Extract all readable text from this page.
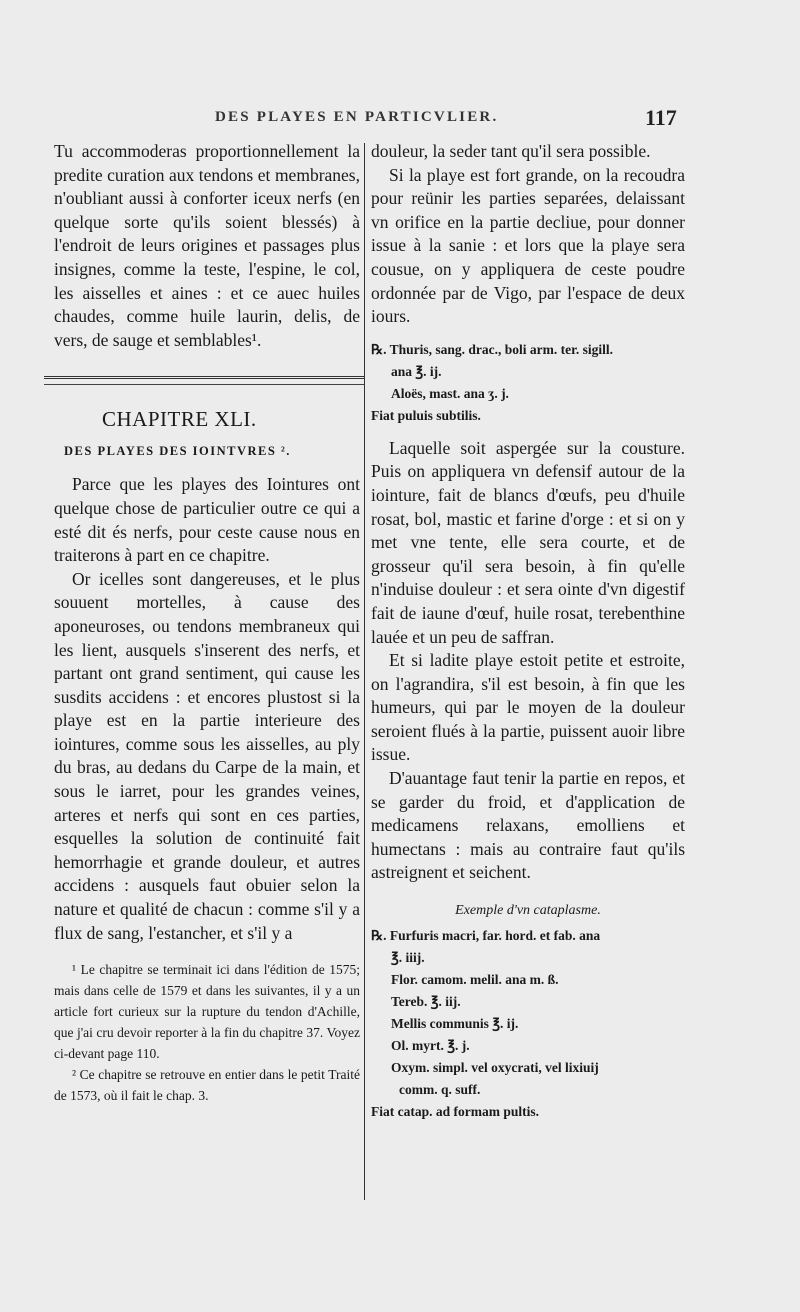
DES PLAYES EN PARTICVLIER.	117

Tu accommoderas proportionnellement la predite curation aux tendons et membranes, n'oubliant aussi à conforter iceux nerfs (en quelque sorte qu'ils soient blessés) à l'endroit de leurs origines et passages plus insignes, comme la teste, l'espine, le col, les aisselles et aines : et ce auec huiles chaudes, comme huile laurin, delis, de vers, de sauge et semblables¹.

CHAPITRE XLI.
DES PLAYES DES IOINTVRES ².

Parce que les playes des Iointures ont quelque chose de particulier outre ce qui a esté dit és nerfs, pour ceste cause nous en traiterons à part en ce chapitre.

Or icelles sont dangereuses, et le plus souuent mortelles, à cause des aponeuroses, ou tendons membraneux qui les lient, ausquels s'inserent des nerfs, et partant ont grand sentiment, qui cause les susdits accidens : et encores plustost si la playe est en la partie interieure des iointures, comme sous les aisselles, au ply du bras, au dedans du Carpe de la main, et sous le iarret, pour les grandes veines, arteres et nerfs qui sont en ces parties, esquelles la solution de continuité fait hemorrhagie et grande douleur, et autres accidens : ausquels faut obuier selon la nature et qualité de chacun : comme s'il y a flux de sang, l'estancher, et s'il y a

¹ Le chapitre se terminait ici dans l'édition de 1575; mais dans celle de 1579 et dans les suivantes, il y a un article fort curieux sur la rupture du tendon d'Achille, que j'ai cru devoir reporter à la fin du chapitre 37. Voyez ci-devant page 110.

² Ce chapitre se retrouve en entier dans le petit Traité de 1573, où il fait le chap. 3.

douleur, la seder tant qu'il sera possible.

Si la playe est fort grande, on la recoudra pour reünir les parties separées, delaissant vn orifice en la partie decliue, pour donner issue à la sanie : et lors que la playe sera cousue, on y appliquera de ceste poudre ordonnée par de Vigo, par l'espace de deux iours.

℞. Thuris, sang. drac., boli arm. ter. sigill.
ana ℥. ij.
Aloës, mast. ana ʒ. j.
Fiat puluis subtilis.

Laquelle soit aspergée sur la cousture. Puis on appliquera vn defensif autour de la iointure, fait de blancs d'œufs, peu d'huile rosat, bol, mastic et farine d'orge : et si on y met vne tente, elle sera courte, et de grosseur qu'il sera besoin, à fin qu'elle n'induise douleur : et sera ointe d'vn digestif fait de iaune d'œuf, huile rosat, terebenthine lauée et un peu de saffran.

Et si ladite playe estoit petite et estroite, on l'agrandira, s'il est besoin, à fin que les humeurs, qui par le moyen de la douleur seroient flués à la partie, puissent auoir libre issue.

D'auantage faut tenir la partie en repos, et se garder du froid, et d'application de medicamens relaxans, emolliens et humectans : mais au contraire faut qu'ils astreignent et seichent.

Exemple d'vn cataplasme.
℞. Furfuris macri, far. hord. et fab. ana
℥. iiij.
Flor. camom. melil. ana m. ß.
Tereb. ℥. iij.
Mellis communis ℥. ij.
Ol. myrt. ℥. j.
Oxym. simpl. vel oxycrati, vel lixiuij
comm. q. suff.
Fiat catap. ad formam pultis.
